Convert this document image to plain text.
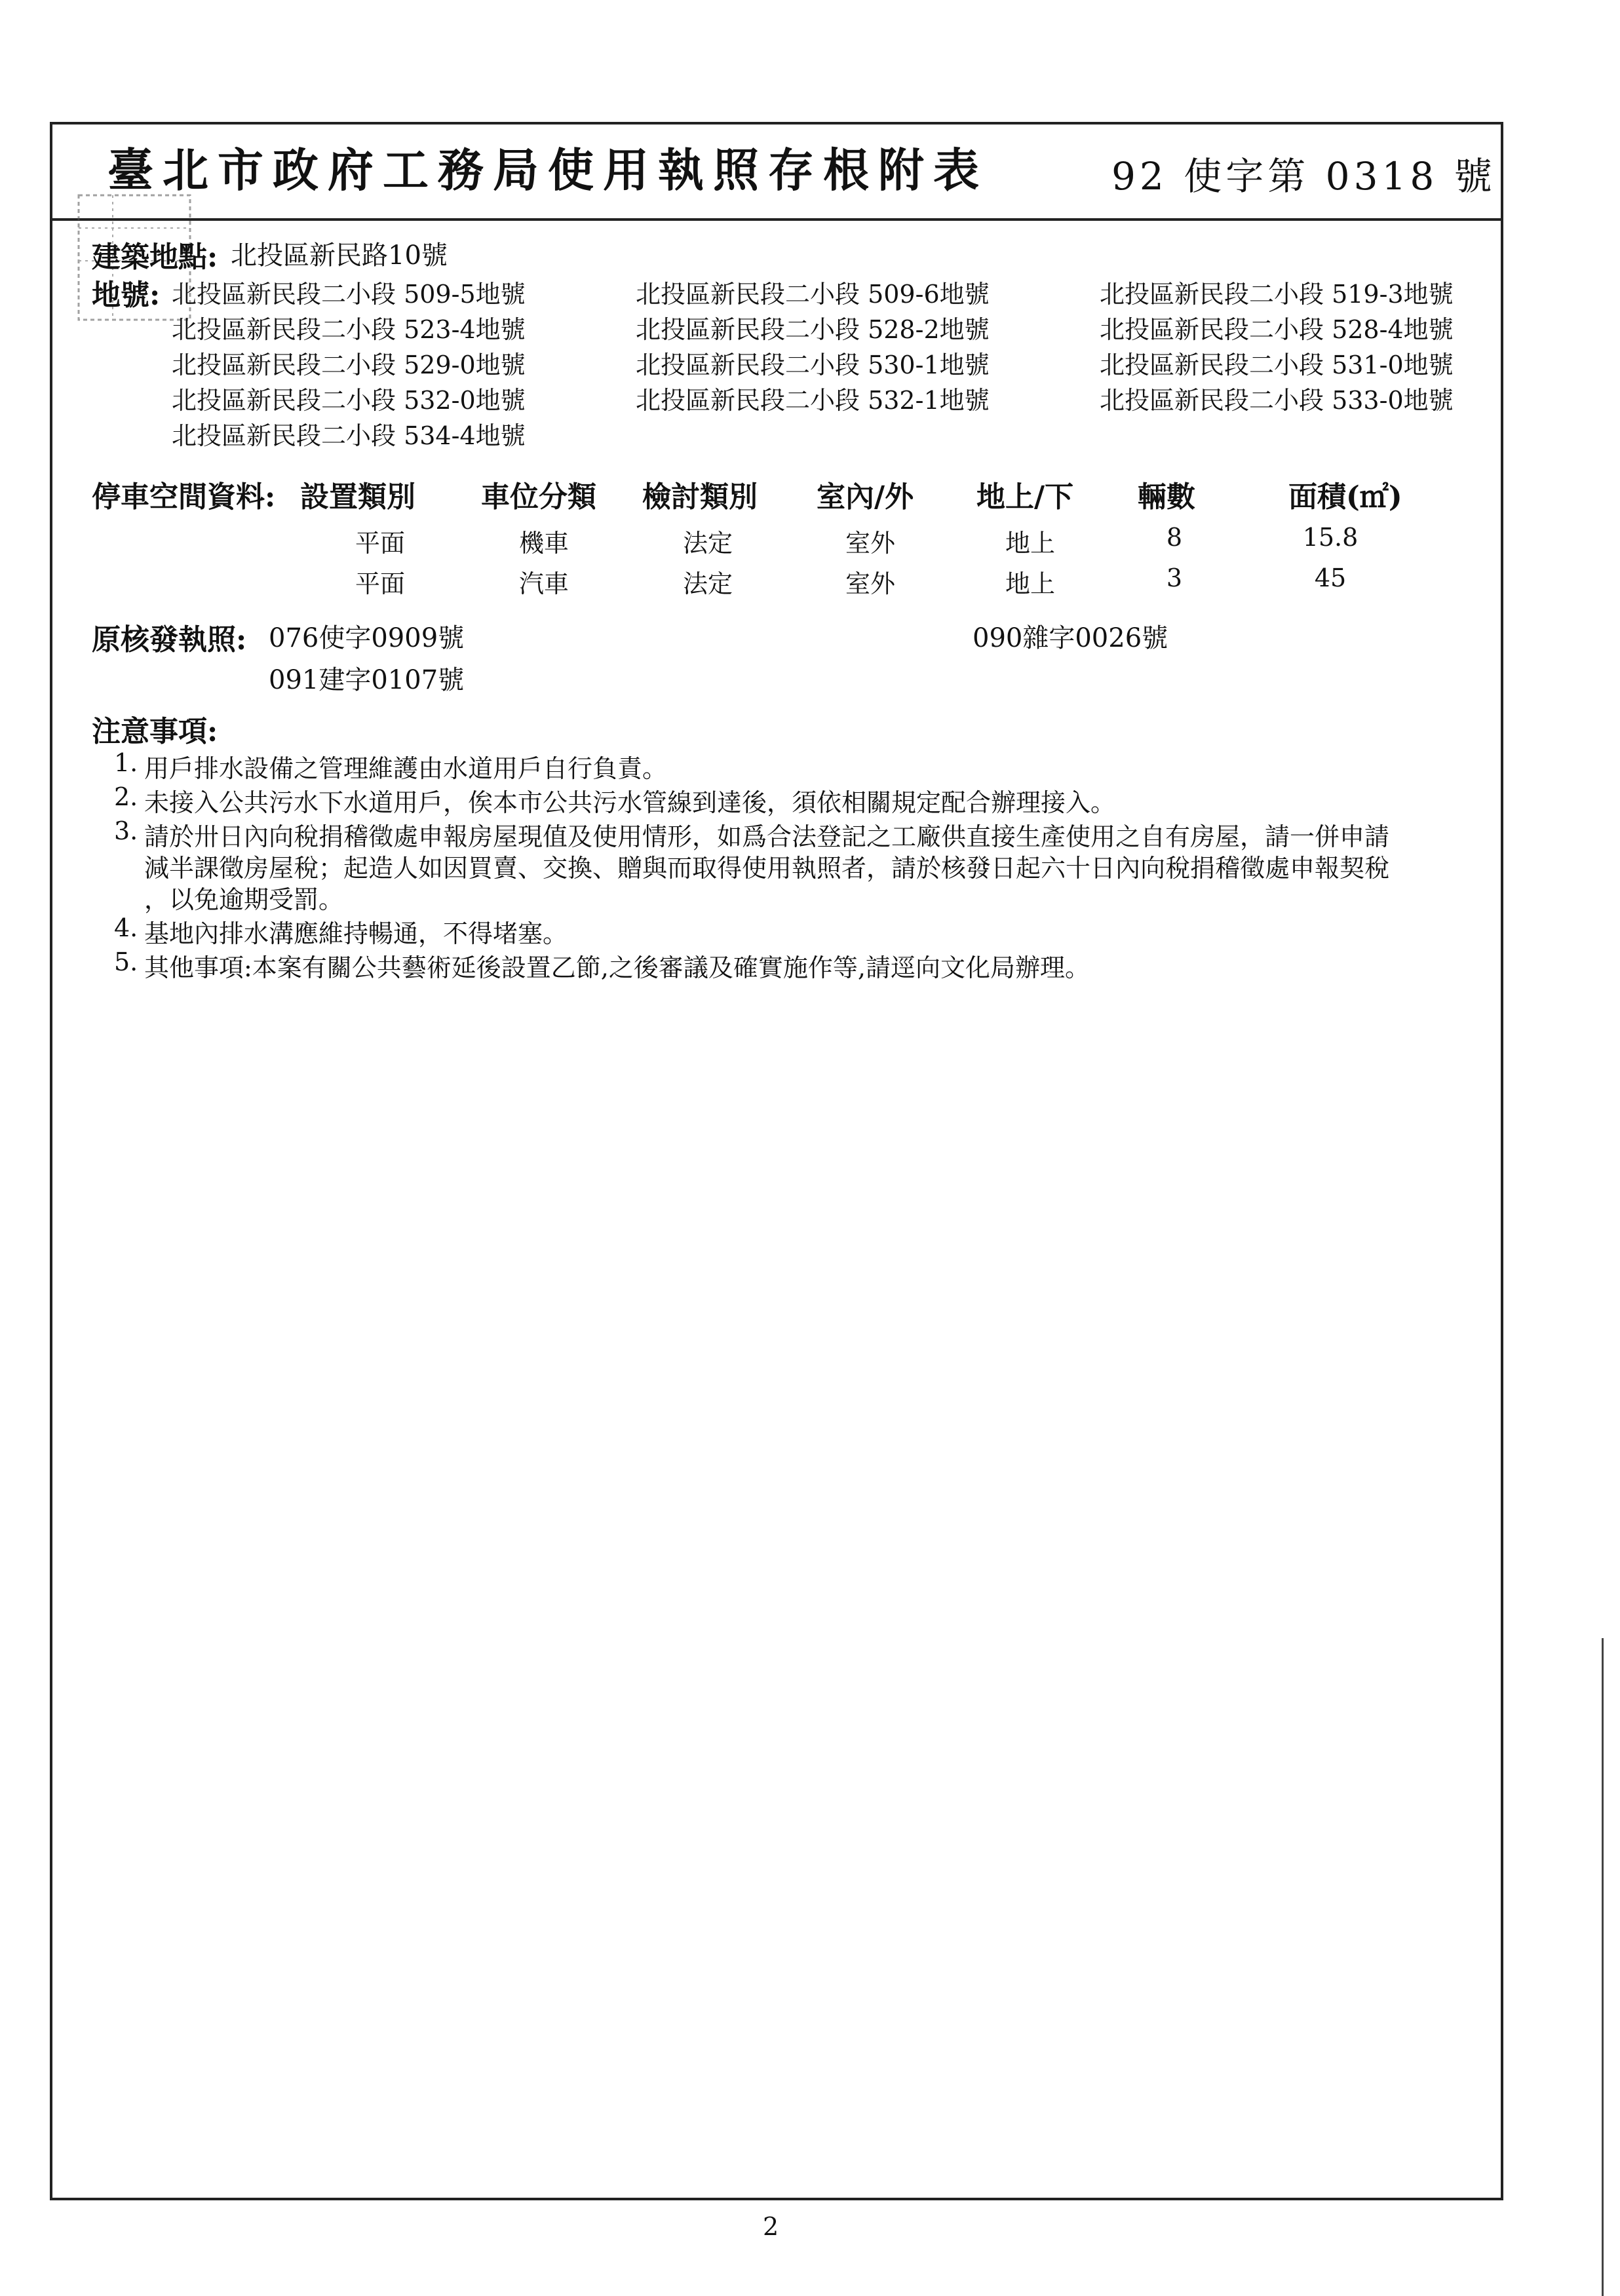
臺北市政府工務局使用執照存根附表	92 使字第 0318 號
建築地點: 北投區新民路10號
地號: 北投區新民段二小段 509-5地號	北投區新民段二小段 509-6地號	北投區新民段二小段 519-3地號
北投區新民段二小段 523-4地號	北投區新民段二小段 528-2地號	北投區新民段二小段 528-4地號
北投區新民段二小段 529-0地號	北投區新民段二小段 530-1地號	北投區新民段二小段 531-0地號
北投區新民段二小段 532-0地號	北投區新民段二小段 532-1地號	北投區新民段二小段 533-0地號
北投區新民段二小段 534-4地號
停車空間資料: 設置類別 車位分類 檢討類別 室內/外 地上/下 輛數	面積(㎡)
平面	機車	法定	室外	地上	8	15.8
平面	汽車	法定	室外	地上	3	45
原核發執照: 076使字0909號	090雜字0026號
091建字0107號
注意事項:
1. 用戶排水設備之管理維護由水道用戶自行負責。
2. 未接入公共污水下水道用戶，俟本市公共污水管線到達後，須依相關規定配合辦理接入。
3. 請於卅日內向稅捐稽徵處申報房屋現值及使用情形，如爲合法登記之工廠供直接生產使用之自有房屋，請一併申請
減半課徵房屋稅；起造人如因買賣、交換、贈與而取得使用執照者，請於核發日起六十日內向稅捐稽徵處申報契稅
，以免逾期受罰。
4. 基地內排水溝應維持暢通，不得堵塞。
5. 其他事項:本案有關公共藝術延後設置乙節,之後審議及確實施作等,請逕向文化局辦理。
2
